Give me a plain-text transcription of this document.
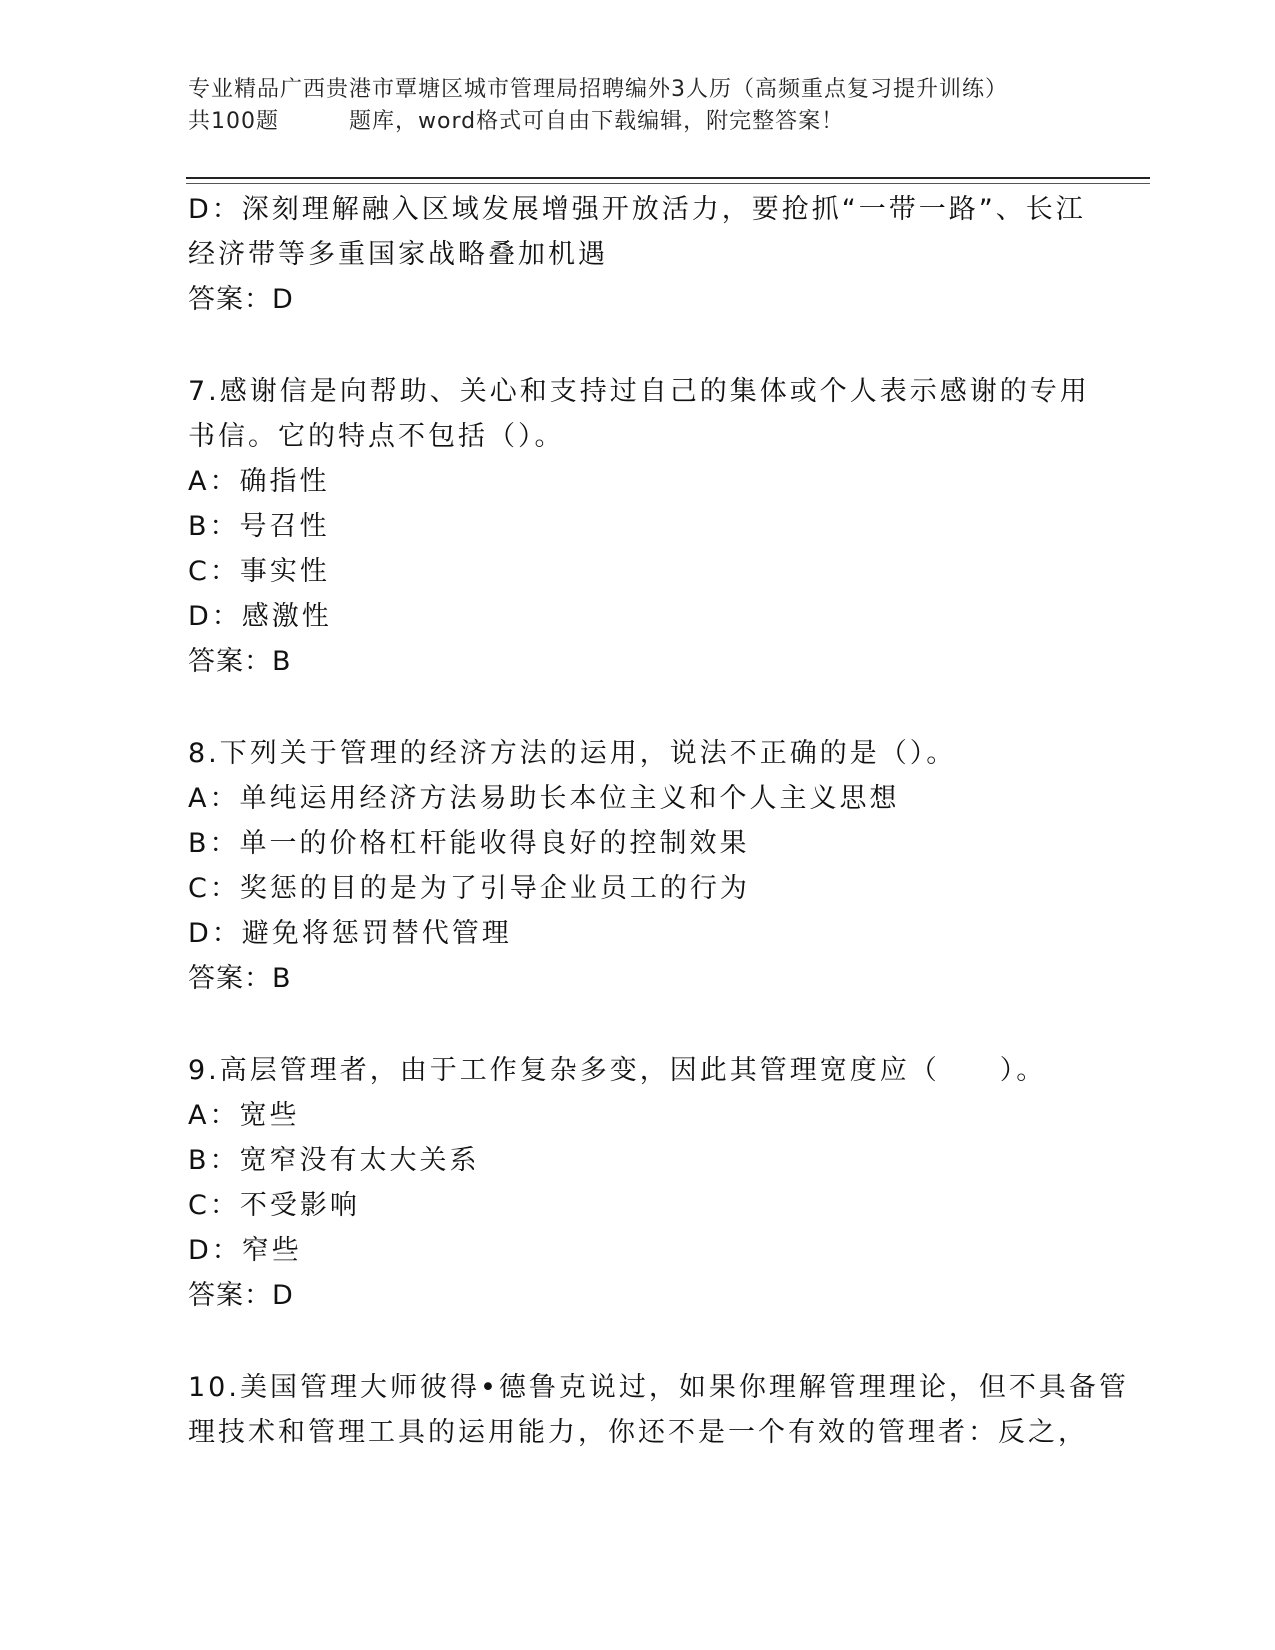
专业精品广西贵港市覃塘区城市管理局招聘编外3人历（高频重点复习提升训练）
共100题	题库，word格式可自由下载编辑，附完整答案！
D：深刻理解融入区域发展增强开放活力，要抢抓“一带一路”、长江
经济带等多重国家战略叠加机遇
答案：D
7.感谢信是向帮助、关心和支持过自己的集体或个人表示感谢的专用
书信。它的特点不包括（）。
A：确指性
B：号召性
C：事实性
D：感激性
答案：B
8.下列关于管理的经济方法的运用，说法不正确的是（）。
A：单纯运用经济方法易助长本位主义和个人主义思想
B：单一的价格杠杆能收得良好的控制效果
C：奖惩的目的是为了引导企业员工的行为
D：避免将惩罚替代管理
答案：B
9.高层管理者，由于工作复杂多变，因此其管理宽度应（　　）。
A：宽些
B：宽窄没有太大关系
C：不受影响
D：窄些
答案：D
10.美国管理大师彼得•德鲁克说过，如果你理解管理理论，但不具备管
理技术和管理工具的运用能力，你还不是一个有效的管理者：反之，
